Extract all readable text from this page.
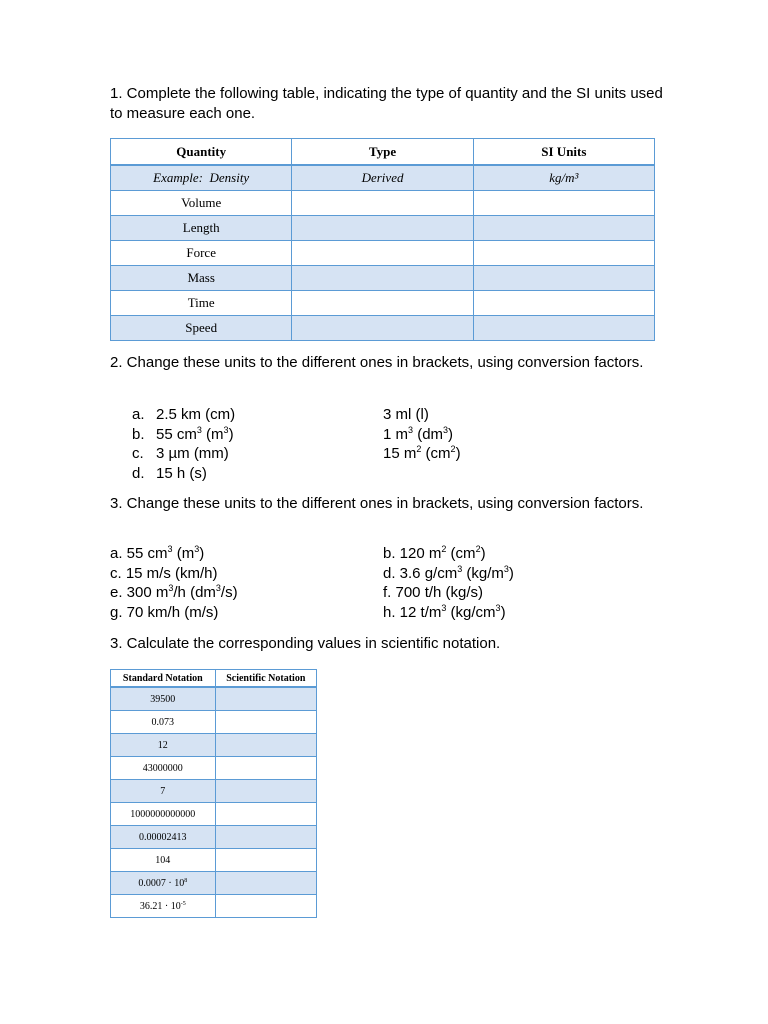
1. Complete the following table, indicating the type of quantity and the SI units used to measure each one.
Quantity	Type	SI Units
Example: Density	Derived	kg/m³
Volume		
Length		
Force		
Mass		
Time		
Speed		
2. Change these units to the different ones in brackets, using conversion factors.
a. 2.5 km (cm)
b. 55 $cm^3$ $(m^3)$
c. 3 µm (mm)
d. 15 h (s)
3 ml (l)
1 $m^3$ $(dm^3)$
15 $m^2$ $(cm^2)$
3. Change these units to the different ones in brackets, using conversion factors.
a. 55 $cm^3$ $(m^3)$
c. 15 m/s (km/h)
e. 300 $m^3/h$ $(dm^3/s)$
g. 70 km/h (m/s)
b. 120 $m^2$ $(cm^2)$
d. 3.6 $g/cm^3$ $(kg/m^3)$
f. 700 t/h (kg/s)
h. 12 $t/m^3$ $(kg/cm^3)$
3. Calculate the corresponding values in scientific notation.
Standard Notation	Scientific Notation
39500	
0.073	
12	
43000000	
7	
1000000000000	
0.00002413	
104	
$0.0007 \cdot 10^8$	
$36.21 \cdot 10^{-5}$	
